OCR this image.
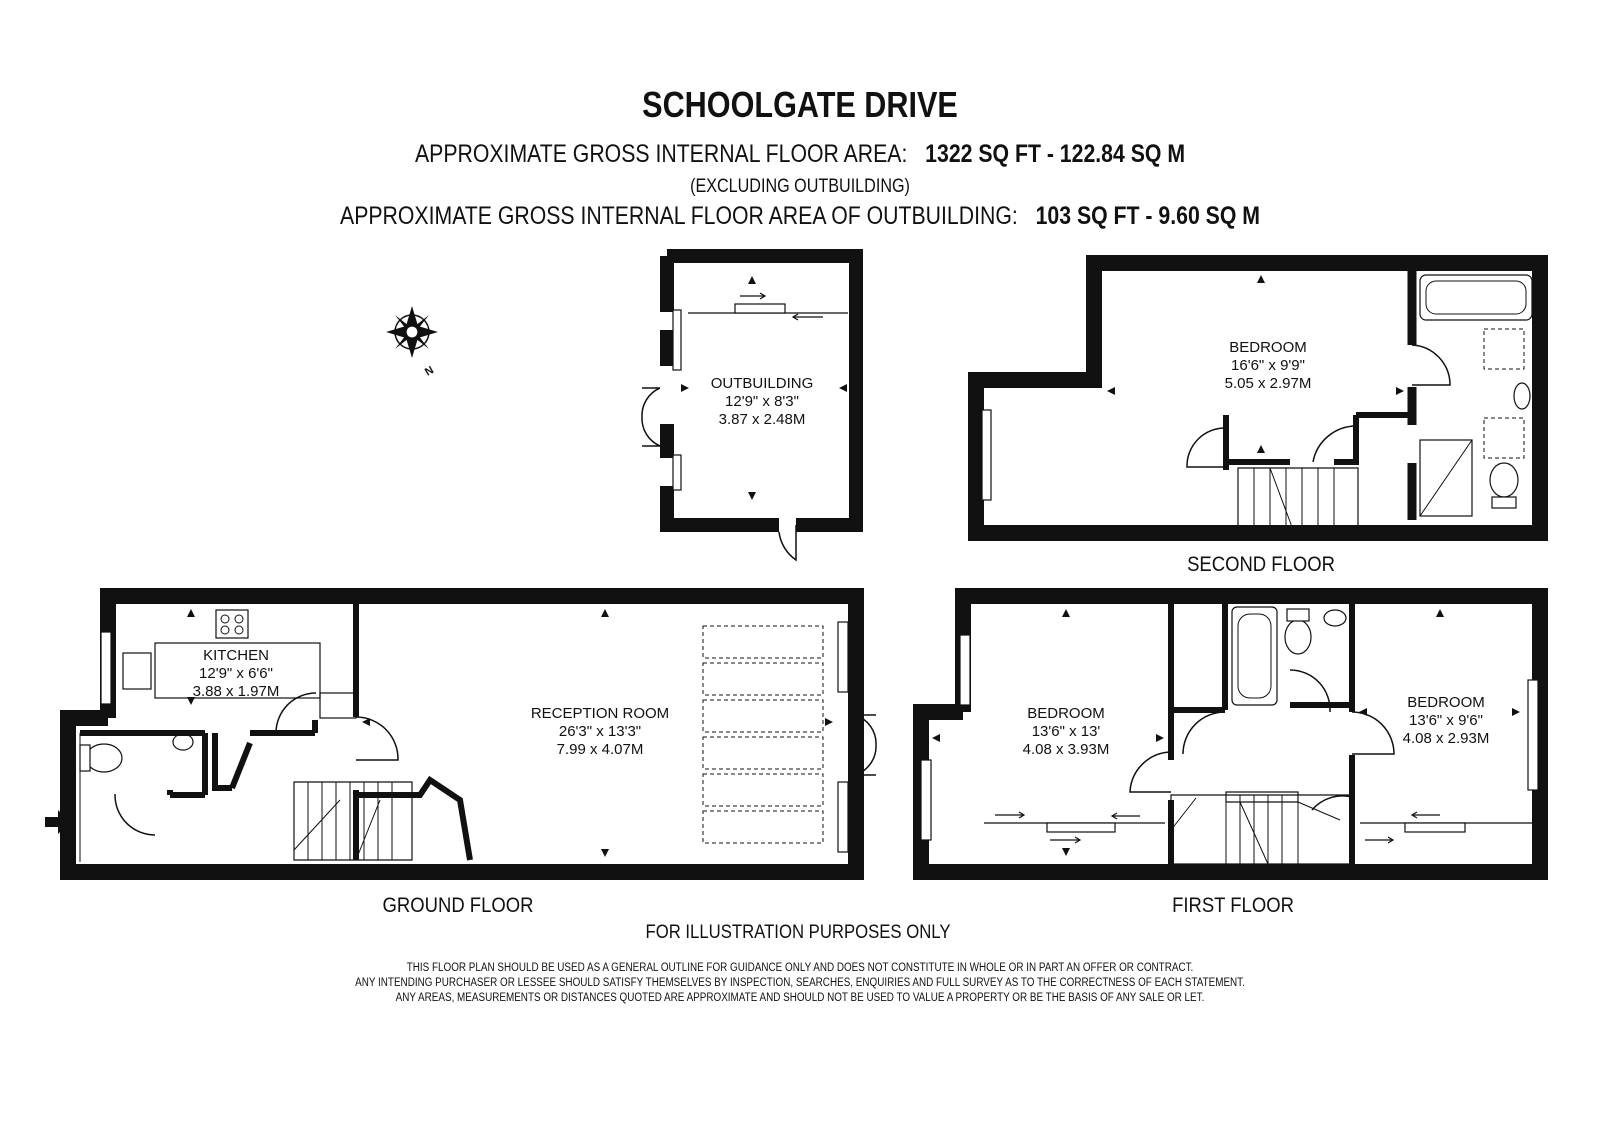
SCHOOLGATE DRIVE
APPROXIMATE GROSS INTERNAL FLOOR AREA: 1322 SQ FT - 122.84 SQ M
(EXCLUDING OUTBUILDING)
APPROXIMATE GROSS INTERNAL FLOOR AREA OF OUTBUILDING: 103 SQ FT - 9.60 SQ M
N
OUTBUILDING
12'9" x 8'3"
3.87 x 2.48M
BEDROOM
16'6" x 9'9"
5.05 x 2.97M
KITCHEN
12'9" x 6'6"
3.88 x 1.97M
RECEPTION ROOM
26'3" x 13'3"
7.99 x 4.07M
BEDROOM
13'6" x 13'
4.08 x 3.93M
BEDROOM
13'6" x 9'6"
4.08 x 2.93M
SECOND FLOOR
GROUND FLOOR	FIRST FLOOR
FOR ILLUSTRATION PURPOSES ONLY
THIS FLOOR PLAN SHOULD BE USED AS A GENERAL OUTLINE FOR GUIDANCE ONLY AND DOES NOT CONSTITUTE IN WHOLE OR IN PART AN OFFER OR CONTRACT.
ANY INTENDING PURCHASER OR LESSEE SHOULD SATISFY THEMSELVES BY INSPECTION, SEARCHES, ENQUIRIES AND FULL SURVEY AS TO THE CORRECTNESS OF EACH STATEMENT.
ANY AREAS, MEASUREMENTS OR DISTANCES QUOTED ARE APPROXIMATE AND SHOULD NOT BE USED TO VALUE A PROPERTY OR BE THE BASIS OF ANY SALE OR LET.
